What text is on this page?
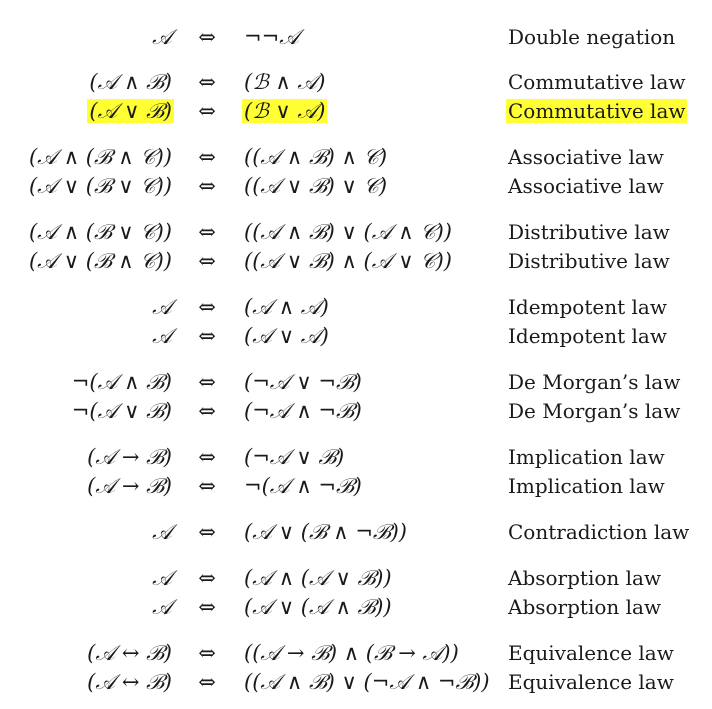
𝒜	⇔	¬¬𝒜	Double negation
(𝒜 ∧ ℬ)	⇔	(ℬ ∧ 𝒜)	Commutative law
(𝒜 ∨ ℬ)	⇔	(ℬ ∨ 𝒜)	Commutative law
(𝒜 ∧ (ℬ ∧ 𝒞))	⇔	((𝒜 ∧ ℬ) ∧ 𝒞)	Associative law
(𝒜 ∨ (ℬ ∨ 𝒞))	⇔	((𝒜 ∨ ℬ) ∨ 𝒞)	Associative law
(𝒜 ∧ (ℬ ∨ 𝒞))	⇔	((𝒜 ∧ ℬ) ∨ (𝒜 ∧ 𝒞))	Distributive law
(𝒜 ∨ (ℬ ∧ 𝒞))	⇔	((𝒜 ∨ ℬ) ∧ (𝒜 ∨ 𝒞))	Distributive law
𝒜	⇔	(𝒜 ∧ 𝒜)	Idempotent law
𝒜	⇔	(𝒜 ∨ 𝒜)	Idempotent law
¬(𝒜 ∧ ℬ)	⇔	(¬𝒜 ∨ ¬ℬ)	De Morgan’s law
¬(𝒜 ∨ ℬ)	⇔	(¬𝒜 ∧ ¬ℬ)	De Morgan’s law
(𝒜 → ℬ)	⇔	(¬𝒜 ∨ ℬ)	Implication law
(𝒜 → ℬ)	⇔	¬(𝒜 ∧ ¬ℬ)	Implication law
𝒜	⇔	(𝒜 ∨ (ℬ ∧ ¬ℬ))	Contradiction law
𝒜	⇔	(𝒜 ∧ (𝒜 ∨ ℬ))	Absorption law
𝒜	⇔	(𝒜 ∨ (𝒜 ∧ ℬ))	Absorption law
(𝒜 ↔ ℬ)	⇔	((𝒜 → ℬ) ∧ (ℬ → 𝒜)) Equivalence law
(𝒜 ↔ ℬ)	⇔	((𝒜 ∧ ℬ) ∨ (¬𝒜 ∧ ¬ℬ)) Equivalence law
